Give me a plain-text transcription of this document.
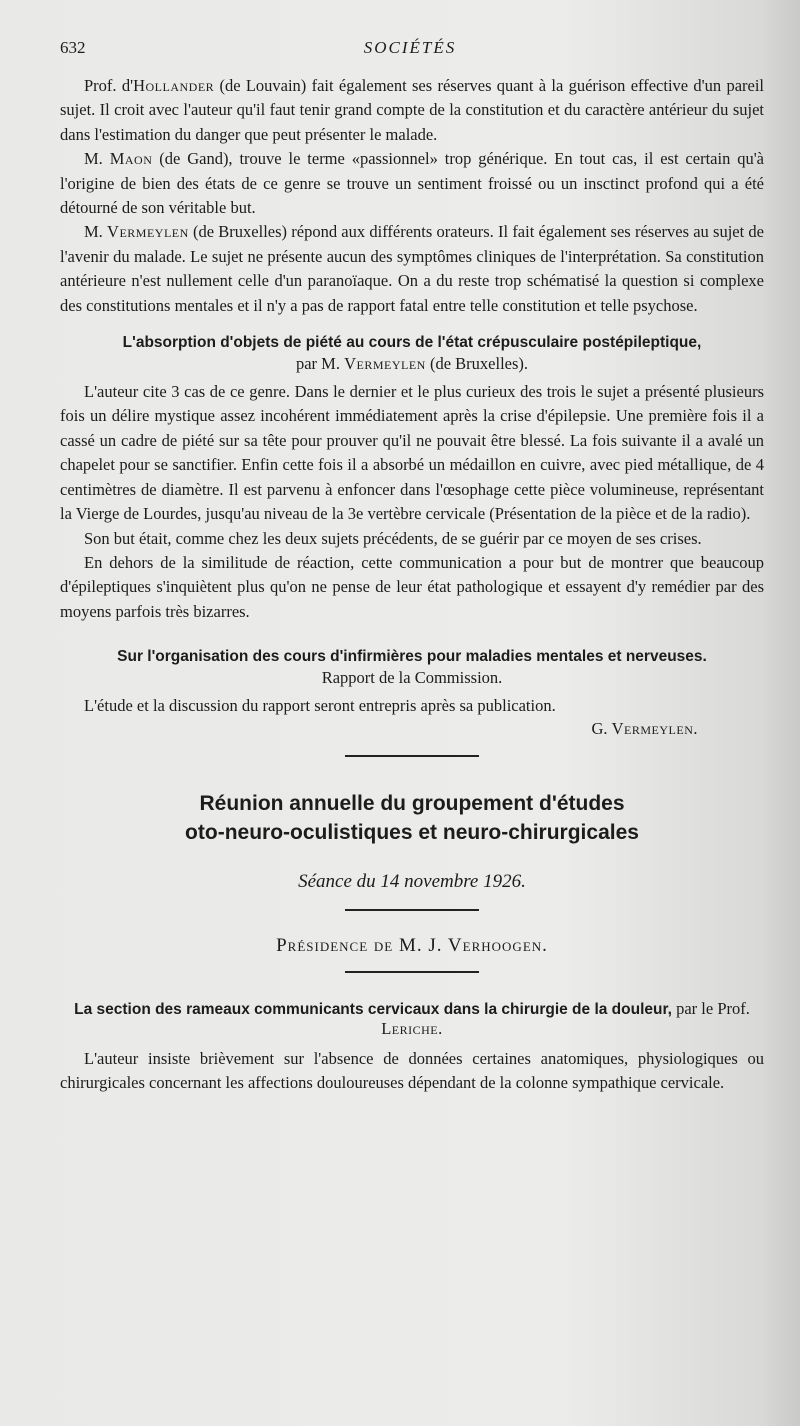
632	SOCIÉTÉS

Prof. d'Hollander (de Louvain) fait également ses réserves quant à la guérison effective d'un pareil sujet. Il croit avec l'auteur qu'il faut tenir grand compte de la constitution et du caractère antérieur du sujet dans l'estimation du danger que peut présenter le malade.

M. Maon (de Gand), trouve le terme «passionnel» trop générique. En tout cas, il est certain qu'à l'origine de bien des états de ce genre se trouve un sentiment froissé ou un insctinct profond qui a été détourné de son véritable but.

M. Vermeylen (de Bruxelles) répond aux différents orateurs. Il fait également ses réserves au sujet de l'avenir du malade. Le sujet ne présente aucun des symptômes cliniques de l'interprétation. Sa constitution antérieure n'est nullement celle d'un paranoïaque. On a du reste trop schématisé la question si complexe des constitutions mentales et il n'y a pas de rapport fatal entre telle constitution et telle psychose.

L'absorption d'objets de piété au cours de l'état crépusculaire postépileptique,
par M. Vermeylen (de Bruxelles).

L'auteur cite 3 cas de ce genre. Dans le dernier et le plus curieux des trois le sujet a présenté plusieurs fois un délire mystique assez incohérent immédiatement après la crise d'épilepsie. Une première fois il a cassé un cadre de piété sur sa tête pour prouver qu'il ne pouvait être blessé. La fois suivante il a avalé un chapelet pour se sanctifier. Enfin cette fois il a absorbé un médaillon en cuivre, avec pied métallique, de 4 centimètres de diamètre. Il est parvenu à enfoncer dans l'œsophage cette pièce volumineuse, représentant la Vierge de Lourdes, jusqu'au niveau de la 3e vertèbre cervicale (Présentation de la pièce et de la radio).

Son but était, comme chez les deux sujets précédents, de se guérir par ce moyen de ses crises.

En dehors de la similitude de réaction, cette communication a pour but de montrer que beaucoup d'épileptiques s'inquiètent plus qu'on ne pense de leur état pathologique et essayent d'y remédier par des moyens parfois très bizarres.

Sur l'organisation des cours d'infirmières pour maladies mentales et nerveuses.
Rapport de la Commission.

L'étude et la discussion du rapport seront entrepris après sa publication.

G. Vermeylen.
Réunion annuelle du groupement d'études
oto-neuro-oculistiques et neuro-chirurgicales
Séance du 14 novembre 1926.
Présidence de M. J. Verhoogen.
La section des rameaux communicants cervicaux dans la chirurgie de la douleur, par le Prof. Leriche.

L'auteur insiste brièvement sur l'absence de données certaines anatomiques, physiologiques ou chirurgicales concernant les affections douloureuses dépendant de la colonne sympathique cervicale.
